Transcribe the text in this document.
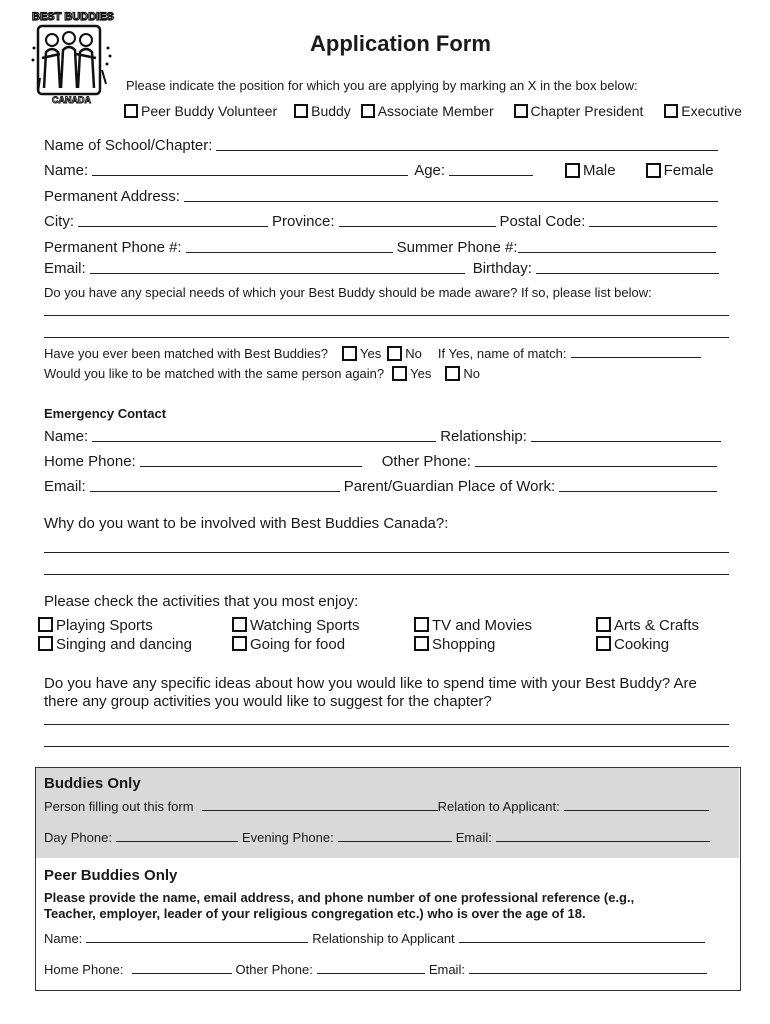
BEST BUDDIES
CANADA
Application Form
Please indicate the position for which you are applying by marking an X in the box below:
Peer Buddy Volunteer
Buddy
Associate Member
	Chapter President
	Executive
Name of School/Chapter:
Name:	Age:	Male	Female
Permanent Address:
City:	Province:	Postal Code:
Permanent Phone #:	Summer Phone #:
Email:	Birthday:
Do you have any special needs of which your Best Buddy should be made aware? If so, please list below:
Have you ever been matched with Best Buddies? Yes No If Yes, name of match:
Would you like to be matched with the same person again? Yes No
Emergency Contact
Name:	Relationship:
Home Phone:	Other Phone:
Email:	Parent/Guardian Place of Work:
Why do you want to be involved with Best Buddies Canada?:
Please check the activities that you most enjoy:
Playing Sports	Watching Sports	TV and Movies	Arts & Crafts
Singing and dancing	Going for food	Shopping	Cooking
Do you have any specific ideas about how you would like to spend time with your Best Buddy? Are
there any group activities you would like to suggest for the chapter?
Buddies Only
Person filling out this form	Relation to Applicant:
Day Phone:	Evening Phone:	Email:
Peer Buddies Only
Please provide the name, email address, and phone number of one professional reference (e.g.,
Teacher, employer, leader of your religious congregation etc.) who is over the age of 18.
Name:	Relationship to Applicant
Home Phone:	Other Phone:	Email:
